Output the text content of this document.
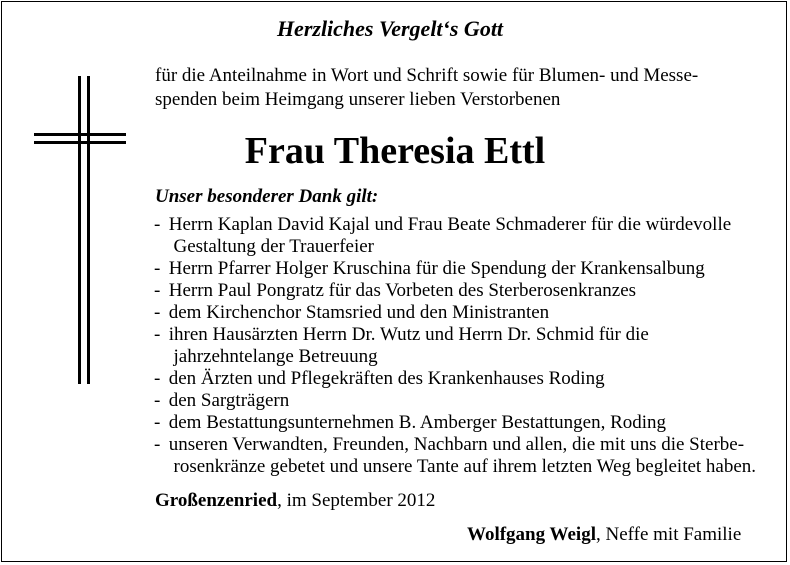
Herzliches Vergelt‘s Gott
für die Anteilnahme in Wort und Schrift sowie für Blumen- und Messe-
spenden beim Heimgang unserer lieben Verstorbenen
Frau Theresia Ettl
Unser besonderer Dank gilt:
- Herrn Kaplan David Kajal und Frau Beate Schmaderer für die würdevolle
Gestaltung der Trauerfeier
- Herrn Pfarrer Holger Kruschina für die Spendung der Krankensalbung
- Herrn Paul Pongratz für das Vorbeten des Sterberosenkranzes
- dem Kirchenchor Stamsried und den Ministranten
- ihren Hausärzten Herrn Dr. Wutz und Herrn Dr. Schmid für die
jahrzehntelange Betreuung
- den Ärzten und Pflegekräften des Krankenhauses Roding
- den Sargträgern
- dem Bestattungsunternehmen B. Amberger Bestattungen, Roding
- unseren Verwandten, Freunden, Nachbarn und allen, die mit uns die Sterbe-
rosenkränze gebetet und unsere Tante auf ihrem letzten Weg begleitet haben.
Großenzenried, im September 2012
Wolfgang Weigl, Neffe mit Familie
